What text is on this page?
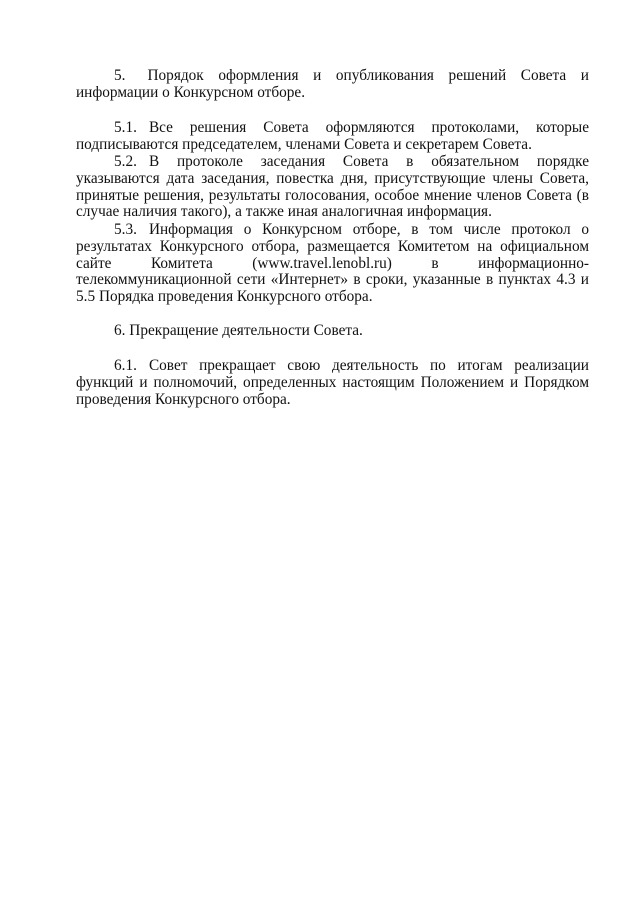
5. Порядок оформления и опубликования решений Совета и информации о Конкурсном отборе.

5.1. Все решения Совета оформляются протоколами, которые подписываются председателем, членами Совета и секретарем Совета.

5.2. В протоколе заседания Совета в обязательном порядке указываются дата заседания, повестка дня, присутствующие члены Совета, принятые решения, результаты голосования, особое мнение членов Совета (в случае наличия такого), а также иная аналогичная информация.

5.3. Информация о Конкурсном отборе, в том числе протокол о результатах Конкурсного отбора, размещается Комитетом на официальном сайте Комитета (www.travel.lenobl.ru) в информационно-телекоммуникационной сети «Интернет» в сроки, указанные в пунктах 4.3 и 5.5 Порядка проведения Конкурсного отбора.

6. Прекращение деятельности Совета.

6.1. Совет прекращает свою деятельность по итогам реализации функций и полномочий, определенных настоящим Положением и Порядком проведения Конкурсного отбора.
